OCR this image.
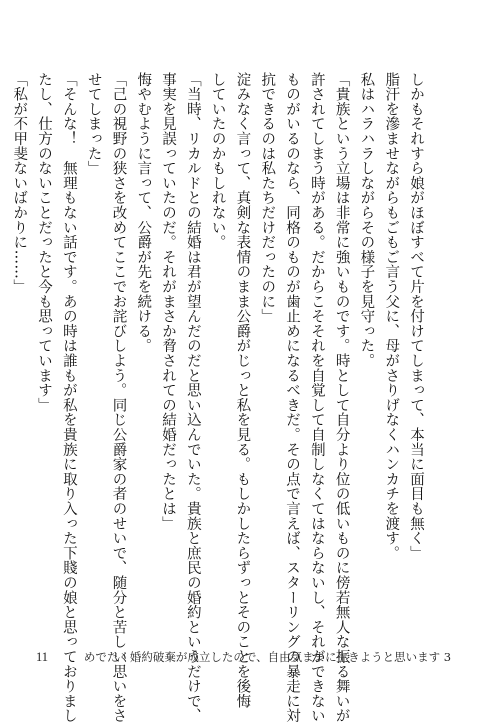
しかもそれすら娘がほぼすべて片を付けてしまって、本当に面目も無く」
脂汗を滲ませながらもごもご言う父に、母がさりげなくハンカチを渡す。
私はハラハラしながらその様子を見守った。
「貴族という立場は非常に強いものです。時として自分より位の低いものに傍若無人な振る舞いが
許されてしまう時がある。だからこそそれを自覚して自制しなくてはならないし、それができない
ものがいるのなら、同格のものが歯止めになるべきだ。その点で言えば、スターリングの暴走に対
抗できるのは私たちだけだったのに」
淀みなく言って、真剣な表情のまま公爵がじっと私を見る。もしかしたらずっとそのことを後悔
していたのかもしれない。
「当時、リカルドとの結婚は君が望んだのだと思い込んでいた。貴族と庶民の婚約というだけで、
事実を見誤っていたのだ。それがまさか脅されての結婚だったとは」
悔やむように言って、公爵が先を続ける。
「己の視野の狭さを改めてここでお詫びしよう。同じ公爵家の者のせいで、随分と苦しい思いをさ
せてしまった」
「そんな！　無理もない話です。あの時は誰もが私を貴族に取り入った下賤の娘と思っておりまし
たし、仕方のないことだったと今も思っています」
「私が不甲斐ないばかりに……」
11	めでたく婚約破棄が成立したので、自由気ままに生きようと思います 3
